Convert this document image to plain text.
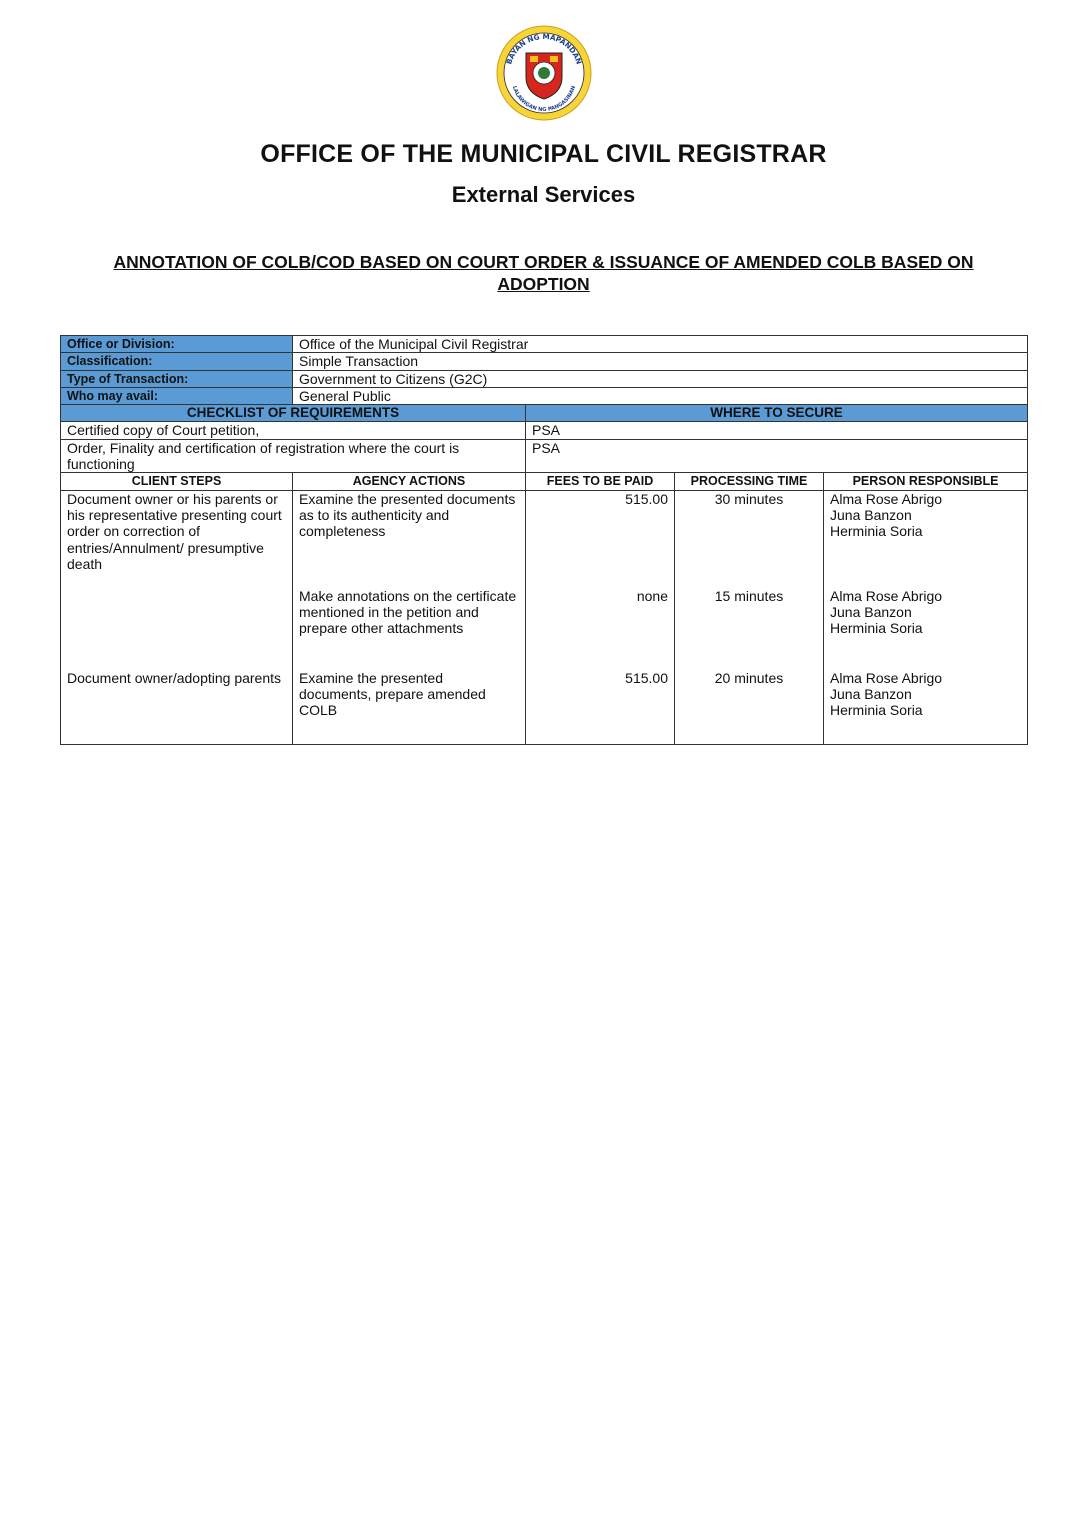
BAYAN NG MAPANDAN
LALAWIGAN NG PANGASINAN
OFFICE OF THE MUNICIPAL CIVIL REGISTRAR
External Services
ANNOTATION OF COLB/COD BASED ON COURT ORDER & ISSUANCE OF AMENDED COLB BASED ON ADOPTION
Office or Division:	Office of the Municipal Civil Registrar			
Classification:	Simple Transaction			
Type of Transaction:	Government to Citizens (G2C)			
Who may avail:	General Public			
CHECKLIST OF REQUIREMENTS		WHERE TO SECURE		
Certified copy of Court petition,		PSA		
Order, Finality and certification of registration where the court is functioning		PSA		
CLIENT STEPS	AGENCY ACTIONS	FEES TO BE PAID	PROCESSING TIME	PERSON RESPONSIBLE
Document owner or his parents or his representative presenting court order on correction of entries/Annulment/ presumptive death	Examine the presented documents as to its authenticity and completeness	515.00	30 minutes	Alma Rose Abrigo
Juna Banzon
Herminia Soria

	Make annotations on the certificate mentioned in the petition and prepare other attachments	none	15 minutes	Alma Rose Abrigo
Juna Banzon
Herminia Soria

Document owner/adopting parents	Examine the presented documents, prepare amended COLB	515.00	20 minutes	Alma Rose Abrigo
Juna Banzon
Herminia Soria
